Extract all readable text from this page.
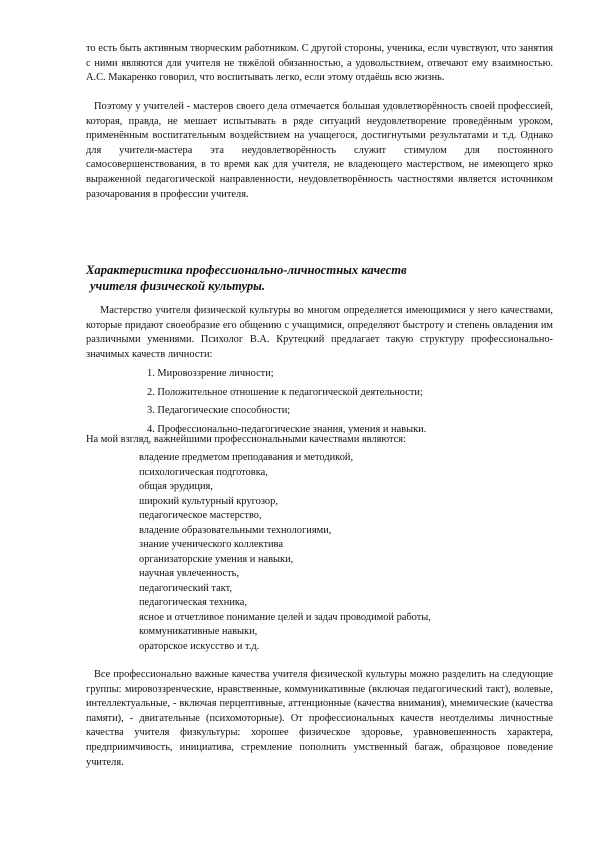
то есть быть активным творческим работником. С другой стороны, ученика, если чувствуют, что занятия с ними являются для учителя не тяжёлой обязанностью, а удовольствием, отвечают ему взаимностью. А.С. Макаренко говорил, что воспитывать легко, если этому отдаёшь всю жизнь.

Поэтому у учителей - мастеров своего дела отмечается большая удовлетворённость своей профессией, которая, правда, не мешает испытывать в ряде ситуаций неудовлетворение проведённым уроком, применённым воспитательным воздействием на учащегося, достигнутыми результатами и т.д. Однако для учителя-мастера эта неудовлетворённость служит стимулом для постоянного самосовершенствования, в то время как для учителя, не владеющего мастерством, не имеющего ярко выраженной педагогической направленности, неудовлетворённость частностями является источником разочарования в профессии учителя.

Характеристика профессионально-личностных качеств
учителя физической культуры.

Мастерство учителя физической культуры во многом определяется имеющимися у него качествами, которые придают своеобразие его общению с учащимися, определяют быстроту и степень овладения им различными умениями. Психолог В.А. Крутецкий предлагает такую структуру профессионально-значимых качеств личности:

1. Мировоззрение личности;
2. Положительное отношение к педагогической деятельности;
3. Педагогические способности;
4. Профессионально-педагогические знания, умения и навыки.

На мой взгляд, важнейшими профессиональными качествами являются:

владение предметом преподавания и методикой,
психологическая подготовка,
общая эрудиция,
широкий культурный кругозор,
педагогическое мастерство,
владение образовательными технологиями,
знание ученического коллектива
организаторские умения и навыки,
научная увлеченность,
педагогический такт,
педагогическая техника,
ясное и отчетливое понимание целей и задач проводимой работы,
коммуникативные навыки,
ораторское искусство и т.д.

Все профессионально важные качества учителя физической культуры можно разделить на следующие группы: мировоззренческие, нравственные, коммуникативные (включая педагогический такт), волевые, интеллектуальные, - включая перцептивные, аттенционные (качества внимания), мнемические (качества памяти), - двигательные (психомоторные). От профессиональных качеств неотделимы личностные качества учителя физкультуры: хорошее физическое здоровье, уравновешенность характера, предприимчивость, инициатива, стремление пополнить умственный багаж, образцовое поведение учителя.
